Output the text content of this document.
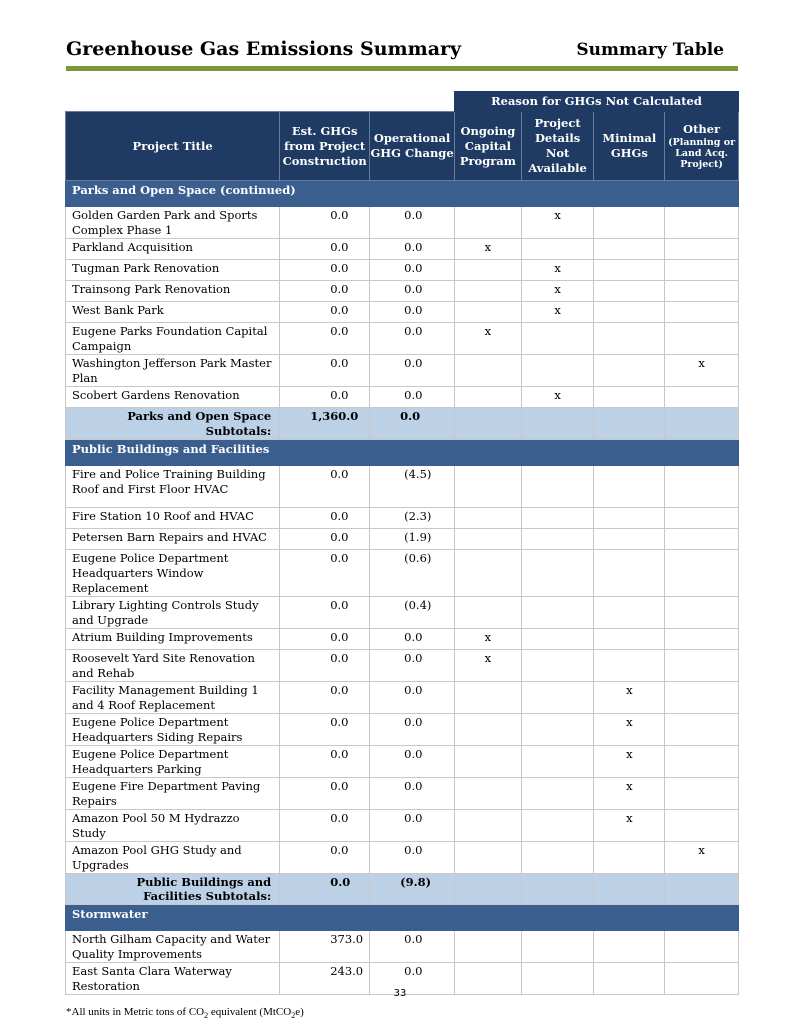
Greenhouse Gas Emissions Summary	Summary Table
			Reason for GHGs Not Calculated			
Project Title	Est. GHGs from Project Construction	Operational GHG Change	Ongoing Capital Program	Project Details Not Available	Minimal GHGs	Other
(Planning or Land Acq. Project)
Parks and Open Space (continued)						
Golden Garden Park and Sports Complex Phase 1	0.0	0.0		x		
Parkland Acquisition	0.0	0.0	x			
Tugman Park Renovation	0.0	0.0		x		
Trainsong Park Renovation	0.0	0.0		x		
West Bank Park	0.0	0.0		x		
Eugene Parks Foundation Capital Campaign	0.0	0.0	x			
Washington Jefferson Park Master Plan	0.0	0.0				x
Scobert Gardens Renovation	0.0	0.0		x		
Parks and Open Space Subtotals:	1,360.0	0.0				
Public Buildings and Facilities						
Fire and Police Training Building Roof and First Floor HVAC	0.0	(4.5)				
Fire Station 10 Roof and HVAC	0.0	(2.3)				
Petersen Barn Repairs and HVAC	0.0	(1.9)				
Eugene Police Department Headquarters Window Replacement	0.0	(0.6)				
Library Lighting Controls Study and Upgrade	0.0	(0.4)				
Atrium Building Improvements	0.0	0.0	x			
Roosevelt Yard Site Renovation and Rehab	0.0	0.0	x			
Facility Management Building 1 and 4 Roof Replacement	0.0	0.0			x	
Eugene Police Department Headquarters Siding Repairs	0.0	0.0			x	
Eugene Police Department Headquarters Parking	0.0	0.0			x	
Eugene Fire Department Paving Repairs	0.0	0.0			x	
Amazon Pool 50 M Hydrazzo Study	0.0	0.0			x	
Amazon Pool GHG Study and Upgrades	0.0	0.0				x
Public Buildings and Facilities Subtotals:	0.0	(9.8)				
Stormwater						
North Gilham Capacity and Water Quality Improvements	373.0	0.0				
East Santa Clara Waterway Restoration	243.0	0.0				
33
*All units in Metric tons of $CO_2$ equivalent (MtCO$_2$e)
